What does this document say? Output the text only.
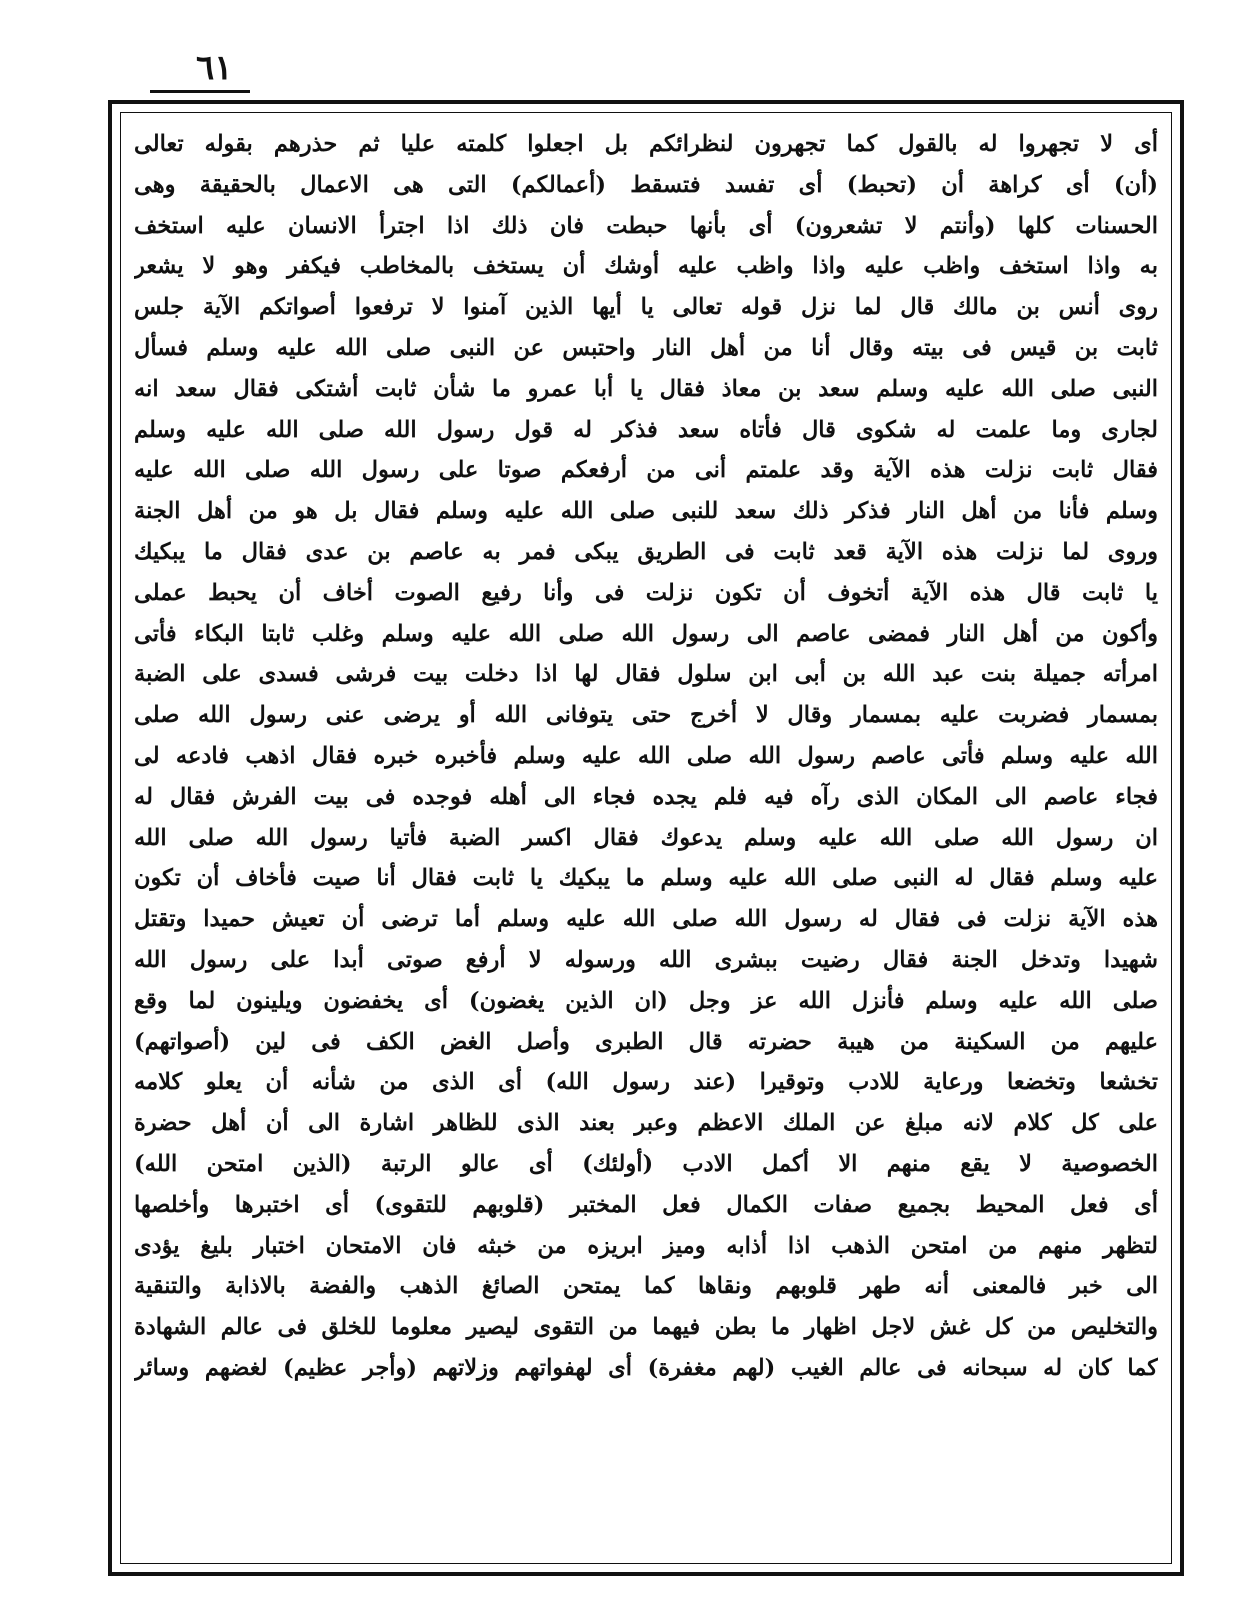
٦١
أى لا تجهروا له بالقول كما تجهرون لنظرائكم بل اجعلوا كلمته عليا ثم حذرهم بقوله تعالى
(أن) أى كراهة أن (تحبط) أى تفسد فتسقط (أعمالكم) التى هى الاعمال بالحقيقة وهى
الحسنات كلها (وأنتم لا تشعرون) أى بأنها حبطت فان ذلك اذا اجترأ الانسان عليه استخف
به واذا استخف واظب عليه واذا واظب عليه أوشك أن يستخف بالمخاطب فيكفر وهو لا يشعر
روى أنس بن مالك قال لما نزل قوله تعالى يا أيها الذين آمنوا لا ترفعوا أصواتكم الآية جلس
ثابت بن قيس فى بيته وقال أنا من أهل النار واحتبس عن النبى صلى الله عليه وسلم فسأل
النبى صلى الله عليه وسلم سعد بن معاذ فقال يا أبا عمرو ما شأن ثابت أشتكى فقال سعد انه
لجارى وما علمت له شكوى قال فأتاه سعد فذكر له قول رسول الله صلى الله عليه وسلم
فقال ثابت نزلت هذه الآية وقد علمتم أنى من أرفعكم صوتا على رسول الله صلى الله عليه
وسلم فأنا من أهل النار فذكر ذلك سعد للنبى صلى الله عليه وسلم فقال بل هو من أهل الجنة
وروى لما نزلت هذه الآية قعد ثابت فى الطريق يبكى فمر به عاصم بن عدى فقال ما يبكيك
يا ثابت قال هذه الآية أتخوف أن تكون نزلت فى وأنا رفيع الصوت أخاف أن يحبط عملى
وأكون من أهل النار فمضى عاصم الى رسول الله صلى الله عليه وسلم وغلب ثابتا البكاء فأتى
امرأته جميلة بنت عبد الله بن أبى ابن سلول فقال لها اذا دخلت بيت فرشى فسدى على الضبة
بمسمار فضربت عليه بمسمار وقال لا أخرج حتى يتوفانى الله أو يرضى عنى رسول الله صلى
الله عليه وسلم فأتى عاصم رسول الله صلى الله عليه وسلم فأخبره خبره فقال اذهب فادعه لى
فجاء عاصم الى المكان الذى رآه فيه فلم يجده فجاء الى أهله فوجده فى بيت الفرش فقال له
ان رسول الله صلى الله عليه وسلم يدعوك فقال اكسر الضبة فأتيا رسول الله صلى الله
عليه وسلم فقال له النبى صلى الله عليه وسلم ما يبكيك يا ثابت فقال أنا صيت فأخاف أن تكون
هذه الآية نزلت فى فقال له رسول الله صلى الله عليه وسلم أما ترضى أن تعيش حميدا وتقتل
شهيدا وتدخل الجنة فقال رضيت ببشرى الله ورسوله لا أرفع صوتى أبدا على رسول الله
صلى الله عليه وسلم فأنزل الله عز وجل (ان الذين يغضون) أى يخفضون ويلينون لما وقع
عليهم من السكينة من هيبة حضرته قال الطبرى وأصل الغض الكف فى لين (أصواتهم)
تخشعا وتخضعا ورعاية للادب وتوقيرا (عند رسول الله) أى الذى من شأنه أن يعلو كلامه
على كل كلام لانه مبلغ عن الملك الاعظم وعبر بعند الذى للظاهر اشارة الى أن أهل حضرة
الخصوصية لا يقع منهم الا أكمل الادب (أولئك) أى عالو الرتبة (الذين امتحن الله)
أى فعل المحيط بجميع صفات الكمال فعل المختبر (قلوبهم للتقوى) أى اختبرها وأخلصها
لتظهر منهم من امتحن الذهب اذا أذابه وميز ابريزه من خبثه فان الامتحان اختبار بليغ يؤدى
الى خبر فالمعنى أنه طهر قلوبهم ونقاها كما يمتحن الصائغ الذهب والفضة بالاذابة والتنقية
والتخليص من كل غش لاجل اظهار ما بطن فيهما من التقوى ليصير معلوما للخلق فى عالم الشهادة
كما كان له سبحانه فى عالم الغيب (لهم مغفرة) أى لهفواتهم وزلاتهم (وأجر عظيم) لغضهم وسائر
